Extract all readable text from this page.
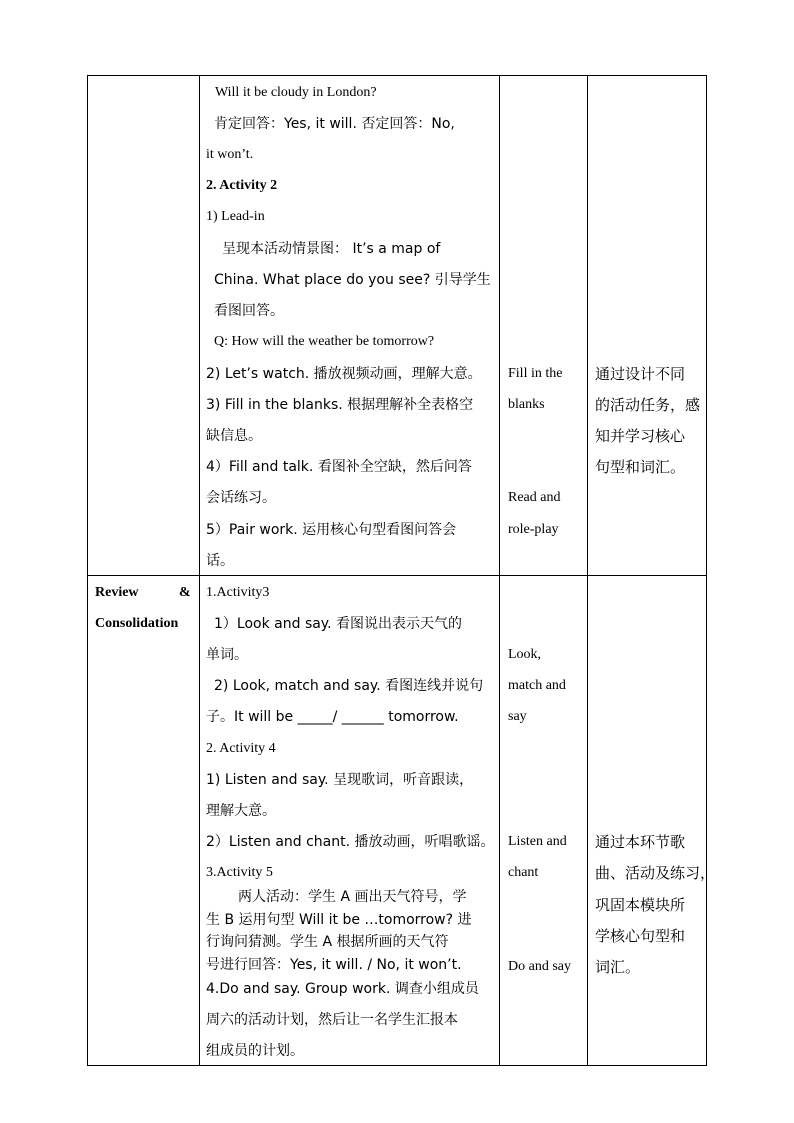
Will it be cloudy in London?
肯定回答：Yes, it will. 否定回答：No,
it won’t.
2. Activity 2
1) Lead-in
呈现本活动情景图： It’s a map of
China. What place do you see? 引导学生
看图回答。
Q: How will the weather be tomorrow?
2) Let’s watch. 播放视频动画，理解大意。
3) Fill in the blanks. 根据理解补全表格空
缺信息。
4）Fill and talk. 看图补全空缺，然后问答
会话练习。
5）Pair work. 运用核心句型看图问答会
话。
Fill in the
blanks
Read and
role-play
通过设计不同
的活动任务，感
知并学习核心
句型和词汇。
Review	&
Consolidation
1.Activity3
1）Look and say. 看图说出表示天气的
单词。
2) Look, match and say. 看图连线并说句
子。It will be _____/ ______ tomorrow.
2. Activity 4
1) Listen and say. 呈现歌词，听音跟读，
理解大意。
2）Listen and chant. 播放动画，听唱歌谣。
3.Activity 5
两人活动：学生 A 画出天气符号，学
生 B 运用句型 Will it be …tomorrow? 进
行询问猜测。学生 A 根据所画的天气符
号进行回答：Yes, it will. / No, it won’t.
4.Do and say. Group work. 调查小组成员
周六的活动计划，然后让一名学生汇报本
组成员的计划。
Look,
match and
say
Listen and
chant
Do and say
通过本环节歌
曲、活动及练习，
巩固本模块所
学核心句型和
词汇。
